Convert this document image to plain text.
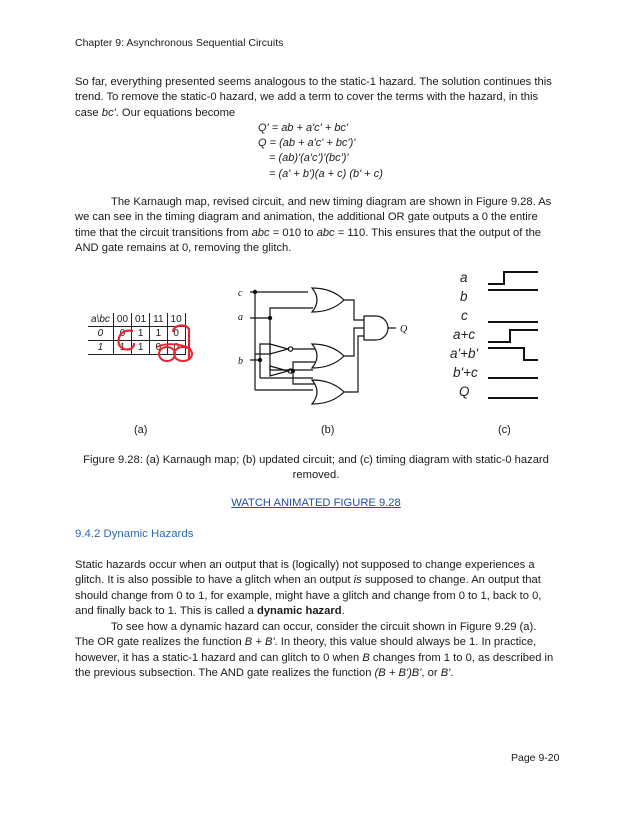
Chapter 9: Asynchronous Sequential Circuits
So far, everything presented seems analogous to the static-1 hazard. The solution continues this trend. To remove the static-0 hazard, we add a term to cover the terms with the hazard, in this case bc'. Our equations become
Q' = ab + a'c' + bc'
Q = (ab + a'c' + bc')'
= (ab)'(a'c')'(bc')'
= (a' + b')(a + c) (b' + c)
The Karnaugh map, revised circuit, and new timing diagram are shown in Figure 9.28. As we can see in the timing diagram and animation, the additional OR gate outputs a 0 the entire time that the circuit transitions from abc = 010 to abc = 110. This ensures that the output of the AND gate remains at 0, removing the glitch.
a\bc	00	01	11	10
0	0	1	1	0
1	1	1	0	0
c
a
b
Q
a
b
c
a+c
a'+b'
b'+c
Q
(a)	(b)	(c)
Figure 9.28: (a) Karnaugh map; (b) updated circuit; and (c) timing diagram with static-0 hazard removed.
WATCH ANIMATED FIGURE 9.28
9.4.2 Dynamic Hazards
Static hazards occur when an output that is (logically) not supposed to change experiences a glitch. It is also possible to have a glitch when an output is supposed to change. An output that should change from 0 to 1, for example, might have a glitch and change from 0 to 1, back to 0, and finally back to 1. This is called a dynamic hazard.
To see how a dynamic hazard can occur, consider the circuit shown in Figure 9.29 (a). The OR gate realizes the function B + B'. In theory, this value should always be 1. In practice, however, it has a static-1 hazard and can glitch to 0 when B changes from 1 to 0, as described in the previous subsection. The AND gate realizes the function (B + B')B', or B'.
Page 9-20
